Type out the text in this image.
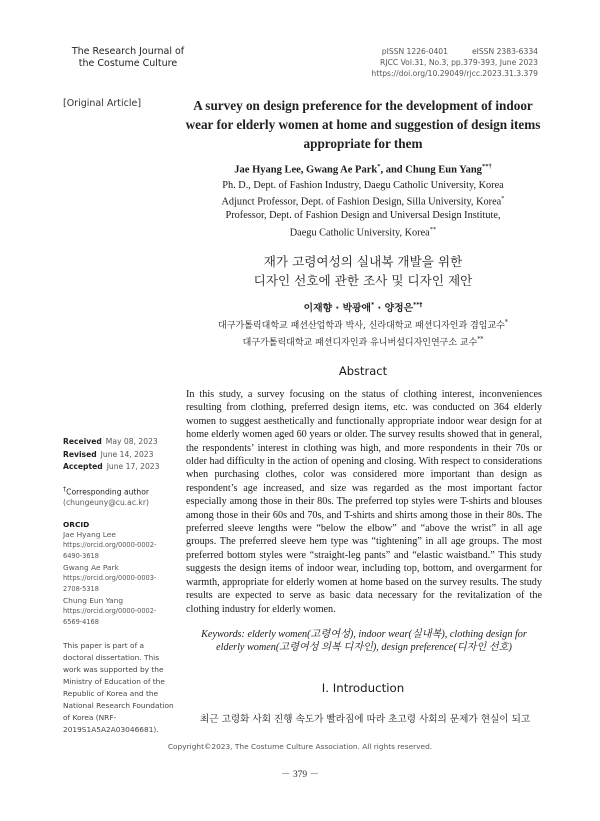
The Research Journal of
the Costume Culture
pISSN 1226-0401	eISSN 2383-6334
RJCC Vol.31, No.3, pp.379-393, June 2023
https://doi.org/10.29049/rjcc.2023.31.3.379
[Original Article]	A survey on design preference for the development of indoor wear for elderly women at home and suggestion of design items appropriate for them
Jae Hyang Lee, Gwang Ae Park*, and Chung Eun Yang**†
Ph. D., Dept. of Fashion Industry, Daegu Catholic University, Korea
Adjunct Professor, Dept. of Fashion Design, Silla University, Korea*
Professor, Dept. of Fashion Design and Universal Design Institute,
Daegu Catholic University, Korea**
재가 고령여성의 실내복 개발을 위한
디자인 선호에 관한 조사 및 디자인 제안
이재향 · 박광애* · 양정은**†
대구가톨릭대학교 패션산업학과 박사, 신라대학교 패션디자인과 겸임교수*
대구가톨릭대학교 패션디자인과 유니버설디자인연구소 교수**
Abstract
In this study, a survey focusing on the status of clothing interest, inconveniences resulting from clothing, preferred design items, etc. was conducted on 364 elderly women to suggest aesthetically and functionally appropriate indoor wear design for at home elderly women aged 60 years or older. The survey results showed that in general, the respondents’ interest in clothing was high, and more respondents in their 70s or older had difficulty in the action of opening and closing. With respect to considerations when purchasing clothes, color was considered more important than design as respondent’s age increased, and size was regarded as the most important factor especially among those in their 80s. The preferred top styles were T-shirts and blouses among those in their 60s and 70s, and T-shirts and shirts among those in their 80s. The preferred sleeve lengths were “below the elbow” and “above the wrist” in all age groups. The preferred sleeve hem type was “tightening” in all age groups. The most preferred bottom styles were “straight-leg pants” and “elastic waistband.” This study suggests the design items of indoor wear, including top, bottom, and overgarment for warmth, appropriate for elderly women at home based on the survey results. The study results are expected to serve as basic data necessary for the revitalization of the clothing industry for elderly women.
Keywords: elderly women(고령여성), indoor wear(실내복), clothing design for elderly women(고령여성 의복 디자인), design preference(디자인 선호)
Received May 08, 2023
Revised June 14, 2023
Accepted June 17, 2023
†Corresponding author
(chungeuny@cu.ac.kr)
ORCID
Jae Hyang Lee
https://orcid.org/0000-0002-6490-3618
Gwang Ae Park
https://orcid.org/0000-0003-2708-5318
Chung Eun Yang
https://orcid.org/0000-0002-6569-4168
This paper is part of a doctoral dissertation. This work was supported by the Ministry of Education of the Republic of Korea and the National Research Foundation of Korea (NRF-2019S1A5A2A03046681).
I. Introduction
최근 고령화 사회 진행 속도가 빨라짐에 따라 초고령 사회의 문제가 현실이 되고
Copyright©2023, The Costume Culture Association. All rights reserved.
－ 379 －
